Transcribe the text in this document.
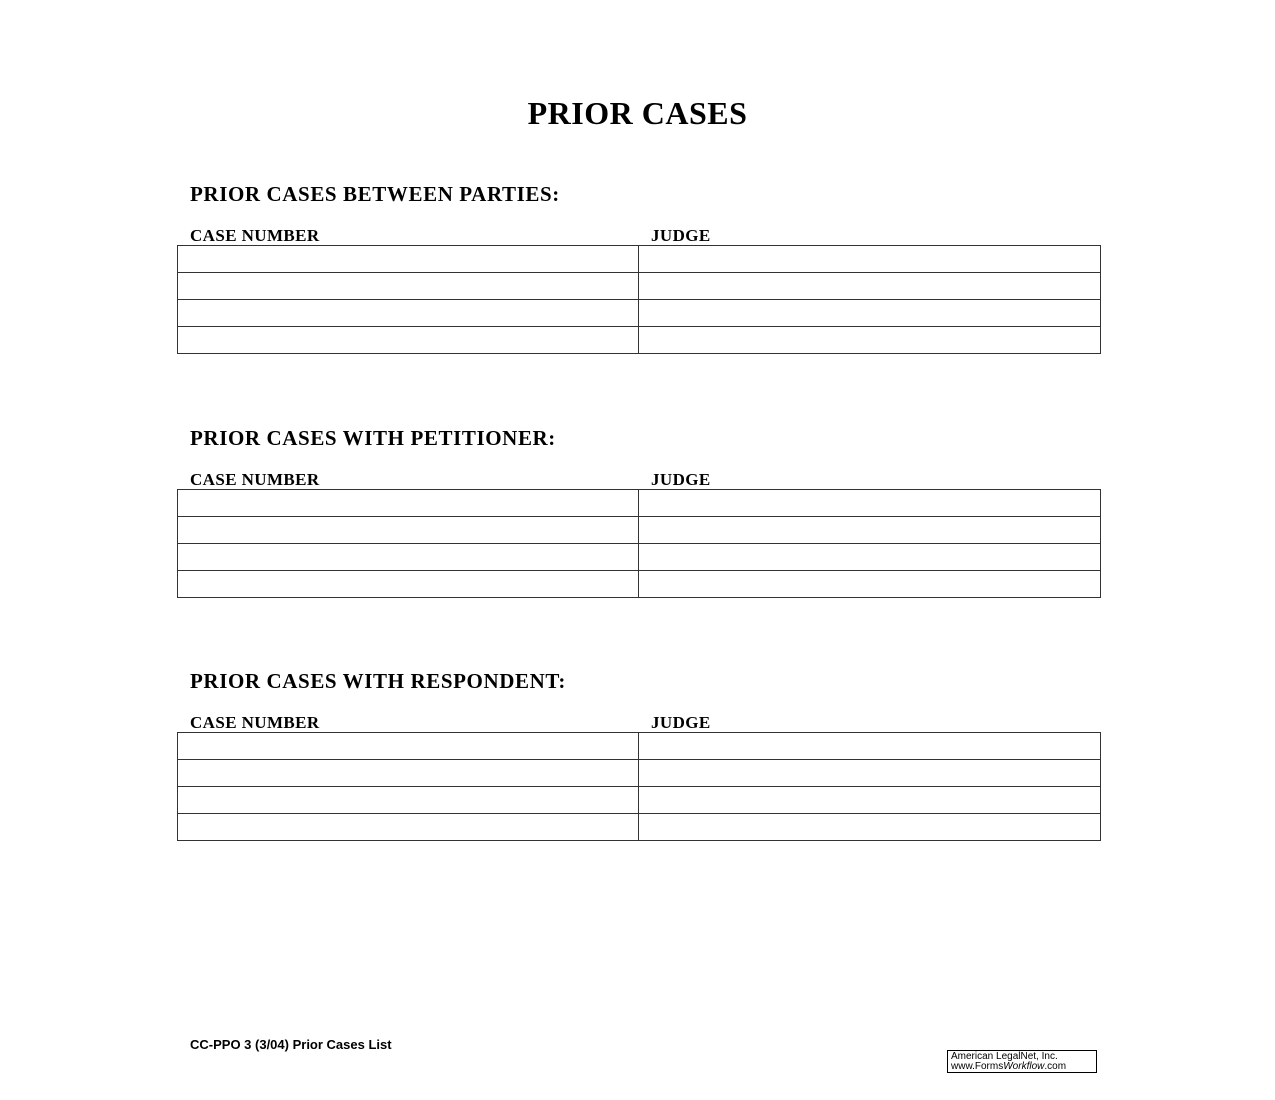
PRIOR CASES
PRIOR CASES BETWEEN PARTIES:
CASE NUMBER	JUDGE

PRIOR CASES WITH PETITIONER:
CASE NUMBER	JUDGE

PRIOR CASES WITH RESPONDENT:
CASE NUMBER	JUDGE

CC-PPO 3 (3/04) Prior Cases List
American LegalNet, Inc.
www.FormsWorkflow.com
